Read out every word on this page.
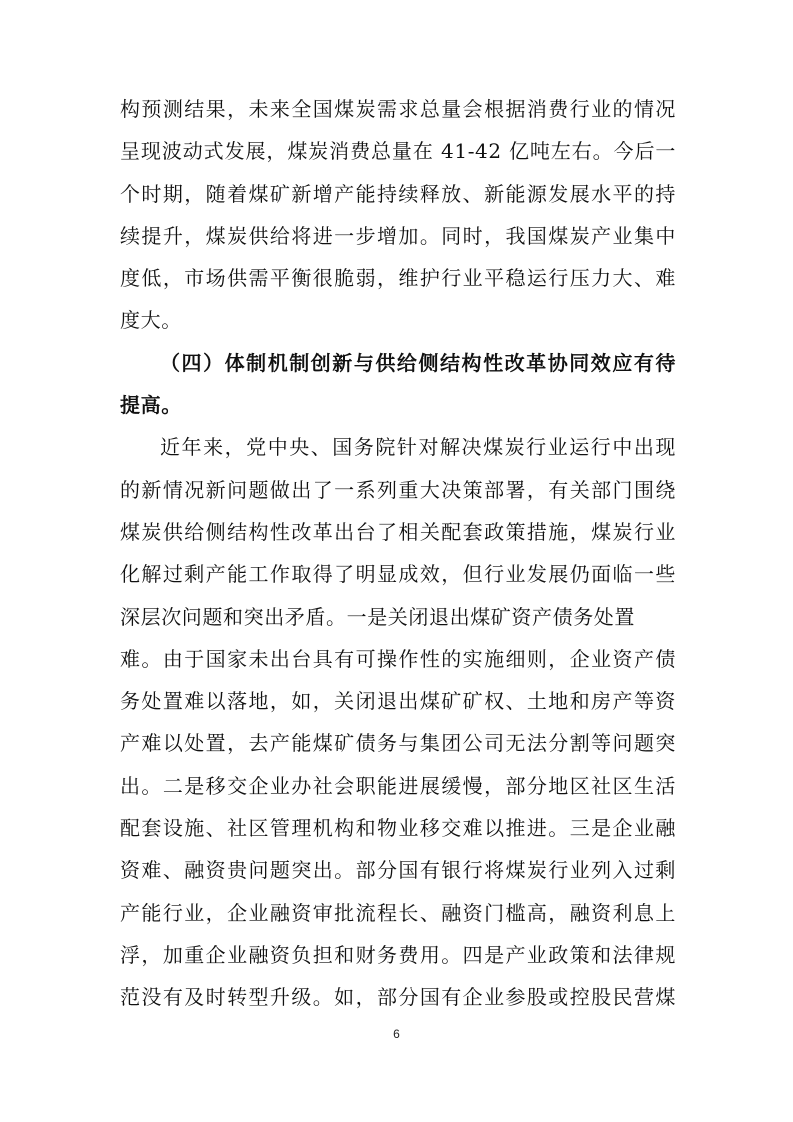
构预测结果，未来全国煤炭需求总量会根据消费行业的情况
呈现波动式发展，煤炭消费总量在 41-42 亿吨左右。今后一
个时期，随着煤矿新增产能持续释放、新能源发展水平的持
续提升，煤炭供给将进一步增加。同时，我国煤炭产业集中
度低，市场供需平衡很脆弱，维护行业平稳运行压力大、难
度大。
（四）体制机制创新与供给侧结构性改革协同效应有待
提高。
近年来，党中央、国务院针对解决煤炭行业运行中出现
的新情况新问题做出了一系列重大决策部署，有关部门围绕
煤炭供给侧结构性改革出台了相关配套政策措施，煤炭行业
化解过剩产能工作取得了明显成效，但行业发展仍面临一些
深层次问题和突出矛盾。一是关闭退出煤矿资产债务处置
难。由于国家未出台具有可操作性的实施细则，企业资产债
务处置难以落地，如，关闭退出煤矿矿权、土地和房产等资
产难以处置，去产能煤矿债务与集团公司无法分割等问题突
出。二是移交企业办社会职能进展缓慢，部分地区社区生活
配套设施、社区管理机构和物业移交难以推进。三是企业融
资难、融资贵问题突出。部分国有银行将煤炭行业列入过剩
产能行业，企业融资审批流程长、融资门槛高，融资利息上
浮，加重企业融资负担和财务费用。四是产业政策和法律规
范没有及时转型升级。如，部分国有企业参股或控股民营煤
6
